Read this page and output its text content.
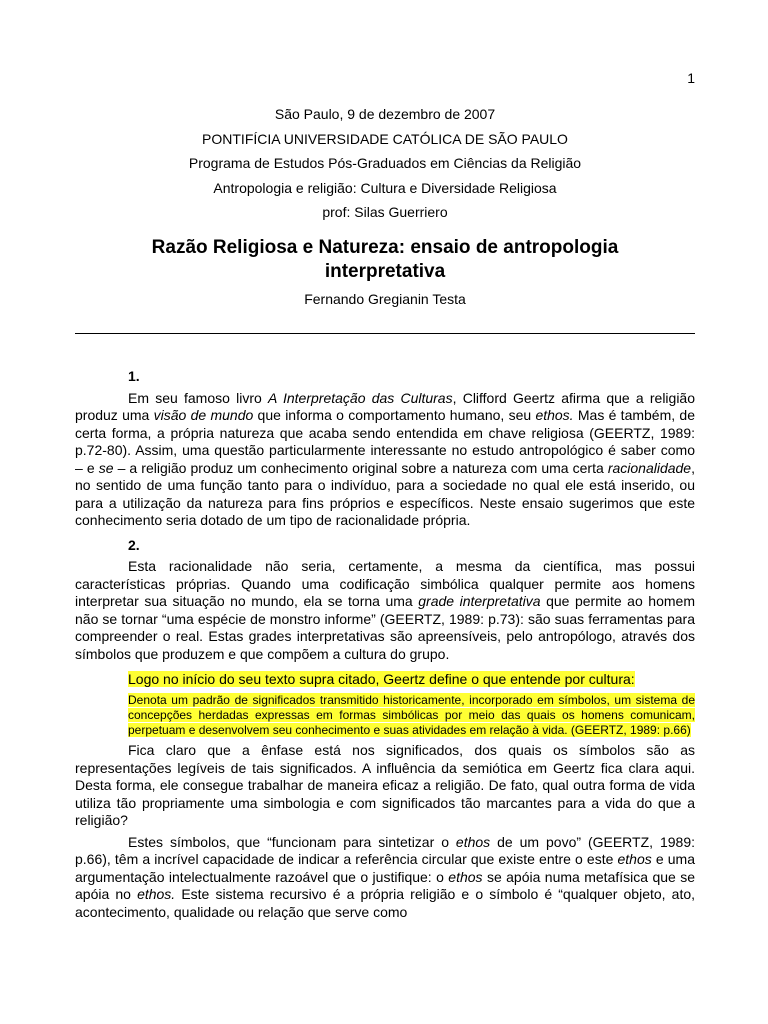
1
São Paulo, 9 de dezembro de 2007
PONTIFÍCIA UNIVERSIDADE CATÓLICA DE SÃO PAULO
Programa de Estudos Pós-Graduados em Ciências da Religião
Antropologia e religião: Cultura e Diversidade Religiosa
prof: Silas Guerriero
Razão Religiosa e Natureza: ensaio de antropologia
interpretativa
Fernando Gregianin Testa
1.

Em seu famoso livro A Interpretação das Culturas, Clifford Geertz afirma que a religião produz uma visão de mundo que informa o comportamento humano, seu ethos. Mas é também, de certa forma, a própria natureza que acaba sendo entendida em chave religiosa (GEERTZ, 1989: p.72-80). Assim, uma questão particularmente interessante no estudo antropológico é saber como – e se – a religião produz um conhecimento original sobre a natureza com uma certa racionalidade, no sentido de uma função tanto para o indivíduo, para a sociedade no qual ele está inserido, ou para a utilização da natureza para fins próprios e específicos. Neste ensaio sugerimos que este conhecimento seria dotado de um tipo de racionalidade própria.

2.

Esta racionalidade não seria, certamente, a mesma da científica, mas possui características próprias. Quando uma codificação simbólica qualquer permite aos homens interpretar sua situação no mundo, ela se torna uma grade interpretativa que permite ao homem não se tornar “uma espécie de monstro informe” (GEERTZ, 1989: p.73): são suas ferramentas para compreender o real. Estas grades interpretativas são apreensíveis, pelo antropólogo, através dos símbolos que produzem e que compõem a cultura do grupo.

Logo no início do seu texto supra citado, Geertz define o que entende por cultura:
Denota um padrão de significados transmitido historicamente, incorporado em símbolos, um sistema de concepções herdadas expressas em formas simbólicas por meio das quais os homens comunicam, perpetuam e desenvolvem seu conhecimento e suas atividades em relação à vida. (GEERTZ, 1989: p.66)

Fica claro que a ênfase está nos significados, dos quais os símbolos são as representações legíveis de tais significados. A influência da semiótica em Geertz fica clara aqui. Desta forma, ele consegue trabalhar de maneira eficaz a religião. De fato, qual outra forma de vida utiliza tão propriamente uma simbologia e com significados tão marcantes para a vida do que a religião?

Estes símbolos, que “funcionam para sintetizar o ethos de um povo” (GEERTZ, 1989: p.66), têm a incrível capacidade de indicar a referência circular que existe entre o este ethos e uma argumentação intelectualmente razoável que o justifique: o ethos se apóia numa metafísica que se apóia no ethos. Este sistema recursivo é a própria religião e o símbolo é “qualquer objeto, ato, acontecimento, qualidade ou relação que serve como
